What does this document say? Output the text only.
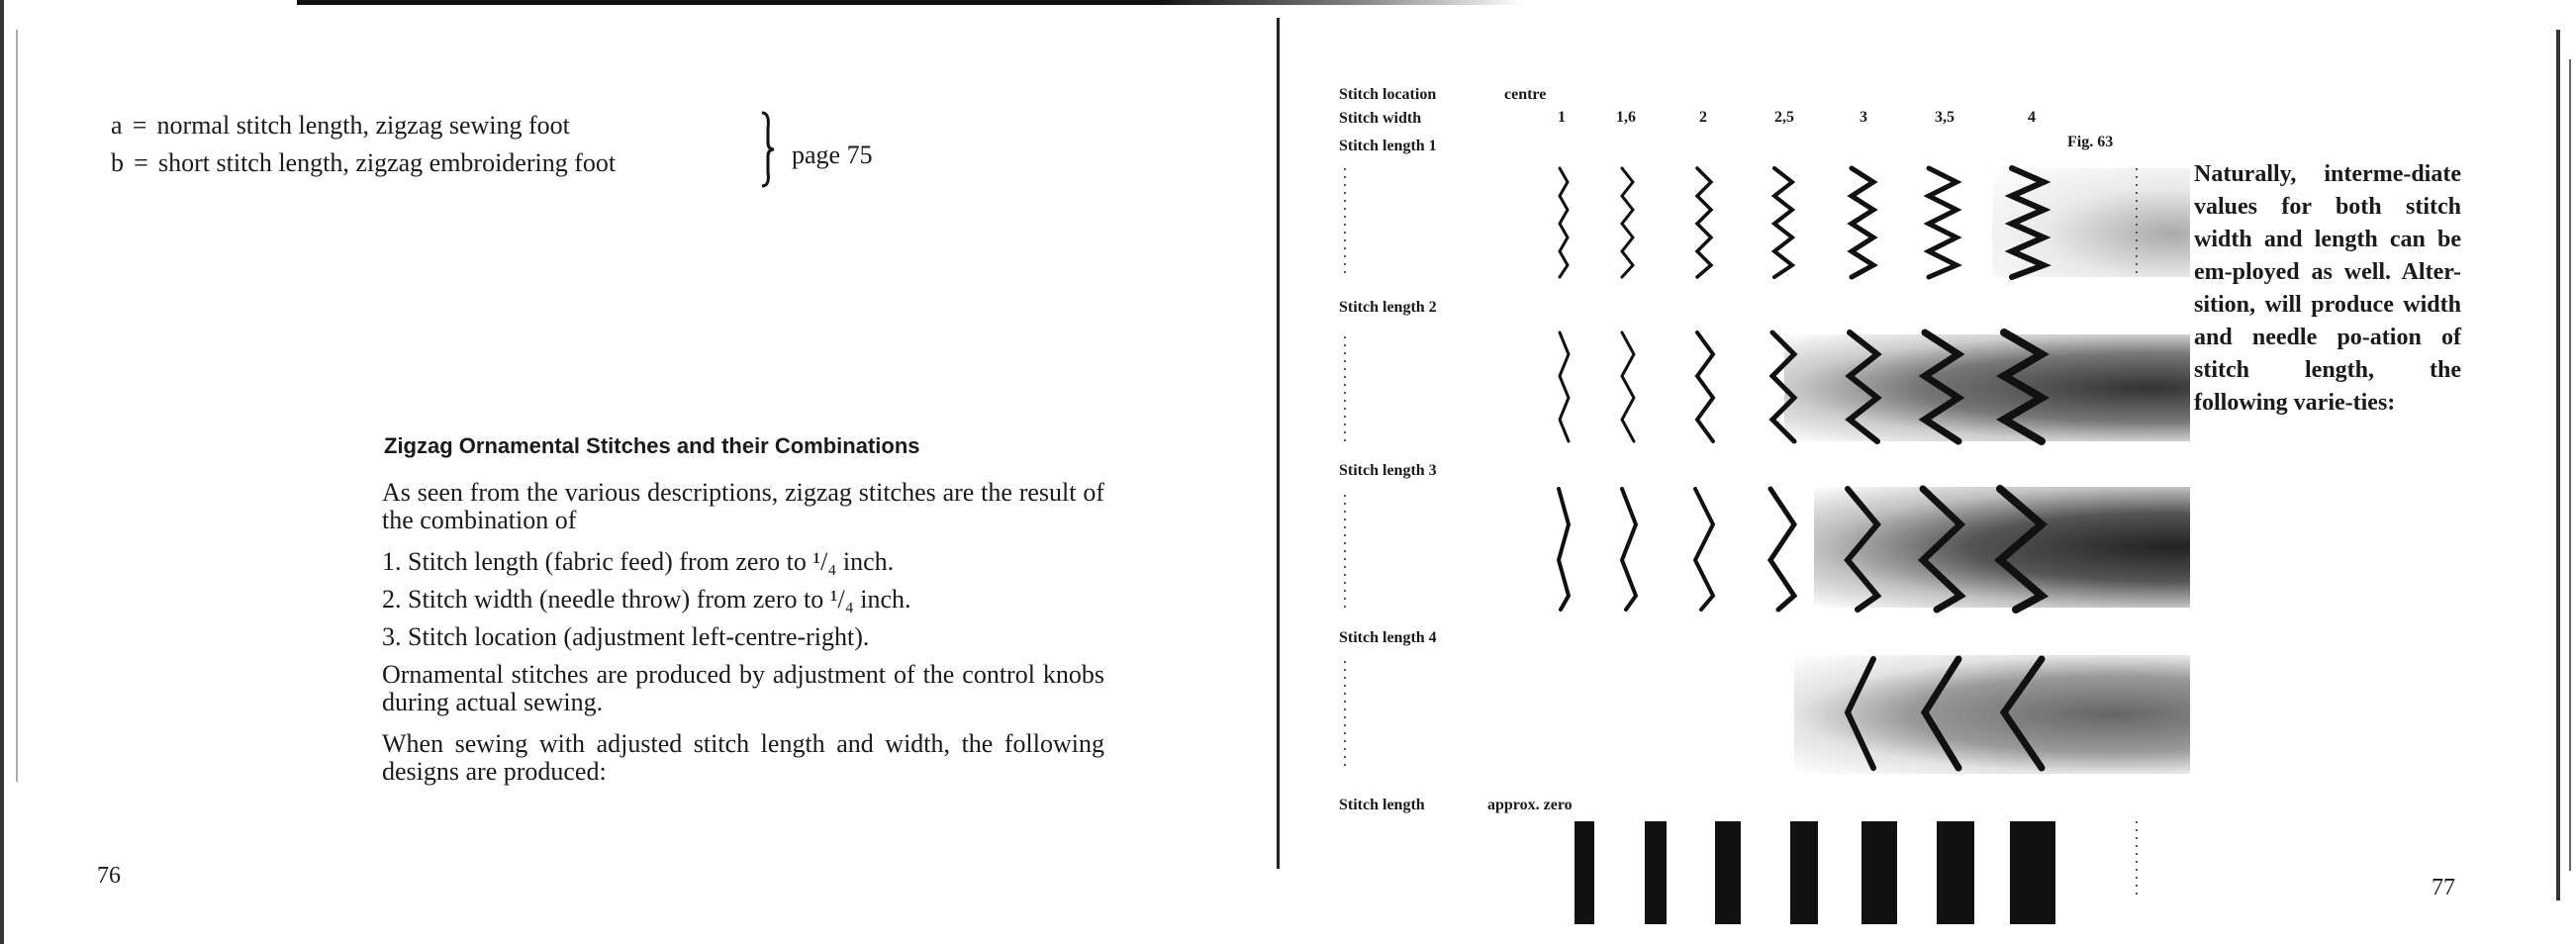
a = normal stitch length, zigzag sewing foot
b = short stitch length, zigzag embroidering foot	page 75
Zigzag Ornamental Stitches and their Combinations

As seen from the various descriptions, zigzag stitches are the result of the combination of

1. Stitch length (fabric feed) from zero to ¹/₄ inch.

2. Stitch width (needle throw) from zero to ¹/₄ inch.

3. Stitch location (adjustment left-centre-right).

Ornamental stitches are produced by adjustment of the control knobs during actual sewing.

When sewing with adjusted stitch length and width, the following designs are produced:

76
Stitch location	centre
Stitch width	1	1,6	2	2,5	3	3,5	4
Fig. 63
Stitch length 1
Stitch length 2
Stitch length 3
Stitch length 4
Stitch length	approx. zero
Naturally, interme-diate values for both stitch width and length can be em-ployed as well. Alter-sition, will produce width and needle po-ation of stitch length, the following varie-ties:
77
